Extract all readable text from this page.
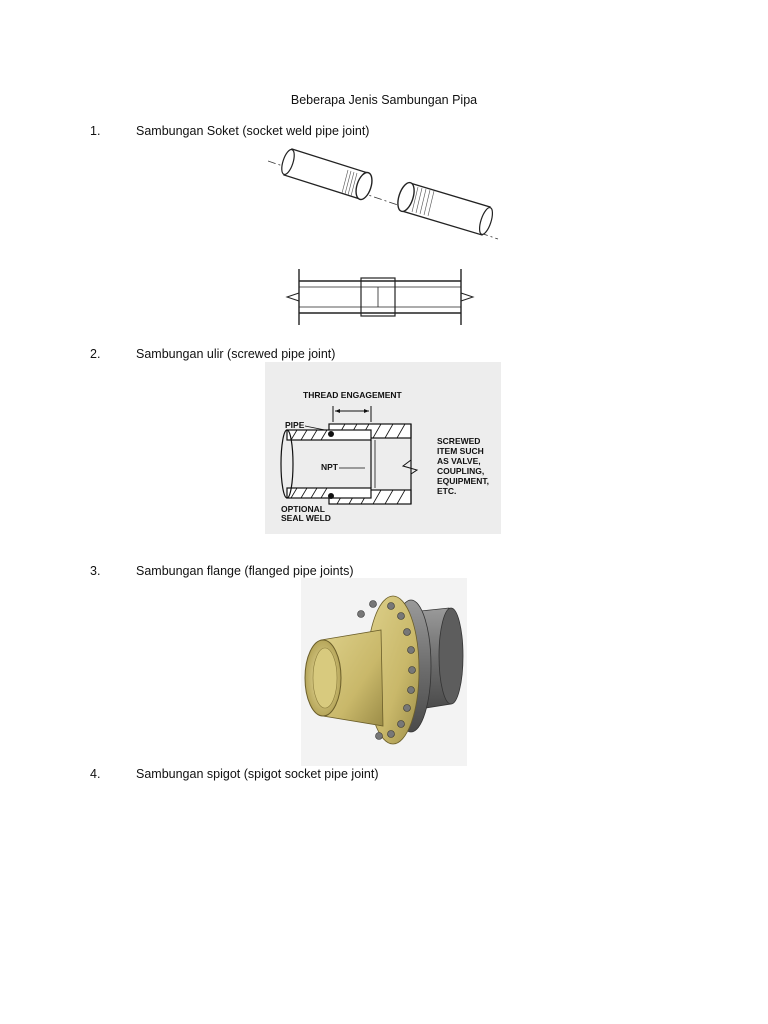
Beberapa Jenis Sambungan Pipa
1.	Sambungan Soket (socket weld pipe joint)
2.	Sambungan ulir (screwed pipe joint)
THREAD ENGAGEMENT
PIPE
NPT
OPTIONAL
SEAL WELD
SCREWED
ITEM SUCH
AS VALVE,
COUPLING,
EQUIPMENT,
ETC.
3.	Sambungan flange (flanged pipe joints)
4.	Sambungan spigot (spigot socket pipe joint)
